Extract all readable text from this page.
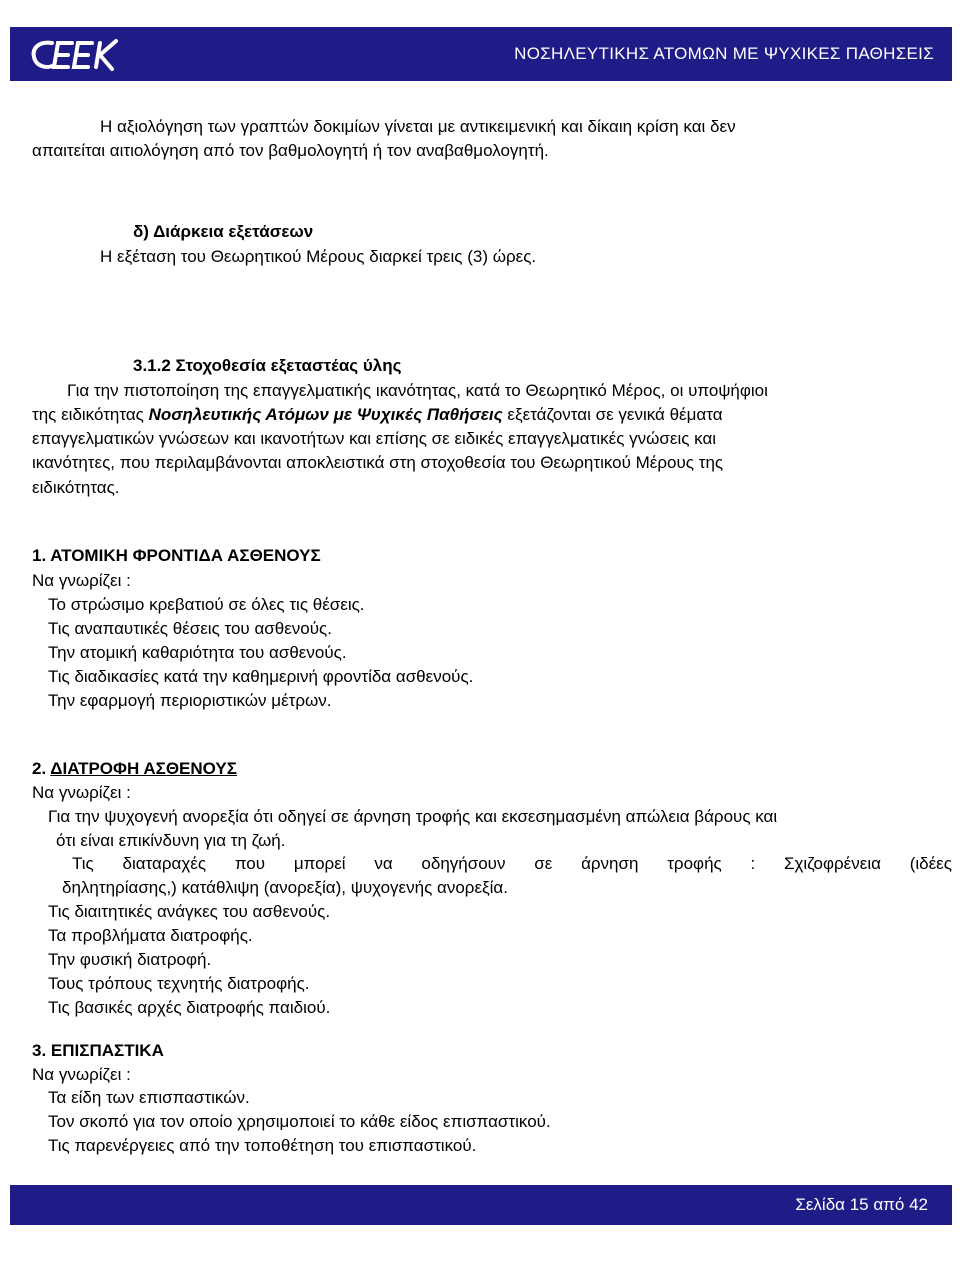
ΝΟΣΗΛΕΥΤΙΚΗΣ ΑΤΟΜΩΝ ΜΕ ΨΥΧΙΚΕΣ ΠΑΘΗΣΕΙΣ
Η αξιολόγηση των γραπτών δοκιμίων γίνεται με αντικειμενική και δίκαιη κρίση και δεν
απαιτείται αιτιολόγηση από τον βαθμολογητή ή τον αναβαθμολογητή.
δ) Διάρκεια εξετάσεων
Η εξέταση του Θεωρητικού Μέρους διαρκεί τρεις (3) ώρες.
3.1.2 Στοχοθεσία εξεταστέας ύλης
Για την πιστοποίηση της επαγγελματικής ικανότητας, κατά το Θεωρητικό Μέρος, οι υποψήφιοι
της ειδικότητας Νοσηλευτικής Ατόμων με Ψυχικές Παθήσεις εξετάζονται σε γενικά θέματα
επαγγελματικών γνώσεων και ικανοτήτων και επίσης σε ειδικές επαγγελματικές γνώσεις και
ικανότητες, που περιλαμβάνονται αποκλειστικά στη στοχοθεσία του Θεωρητικού Μέρους της
ειδικότητας.
1. ΑΤΟΜΙΚΗ ΦΡΟΝΤΙΔΑ ΑΣΘΕΝΟΥΣ
Να γνωρίζει :
Το στρώσιμο κρεβατιού σε όλες τις θέσεις.
Τις αναπαυτικές θέσεις του ασθενούς.
Την ατομική καθαριότητα του ασθενούς.
Τις διαδικασίες κατά την καθημερινή φροντίδα ασθενούς.
Την εφαρμογή περιοριστικών μέτρων.
2. ΔΙΑΤΡΟΦΗ ΑΣΘΕΝΟΥΣ
Να γνωρίζει :
Για την ψυχογενή ανορεξία ότι οδηγεί σε άρνηση τροφής και εκσεσημασμένη απώλεια βάρους και
ότι είναι επικίνδυνη για τη ζωή.
Τις διαταραχές που μπορεί να οδηγήσουν σε άρνηση τροφής : Σχιζοφρένεια (ιδέες
δηλητηρίασης,) κατάθλιψη (ανορεξία), ψυχογενής ανορεξία.
Τις διαιτητικές ανάγκες του ασθενούς.
Τα προβλήματα διατροφής.
Την φυσική διατροφή.
Τους τρόπους τεχνητής διατροφής.
Τις βασικές αρχές διατροφής παιδιού.
3. ΕΠΙΣΠΑΣΤΙΚΑ
Να γνωρίζει :
Τα είδη των επισπαστικών.
Τον σκοπό για τον οποίο χρησιμοποιεί το κάθε είδος επισπαστικού.
Τις παρενέργειες από την τοποθέτηση του επισπαστικού.
Σελίδα 15 από 42
